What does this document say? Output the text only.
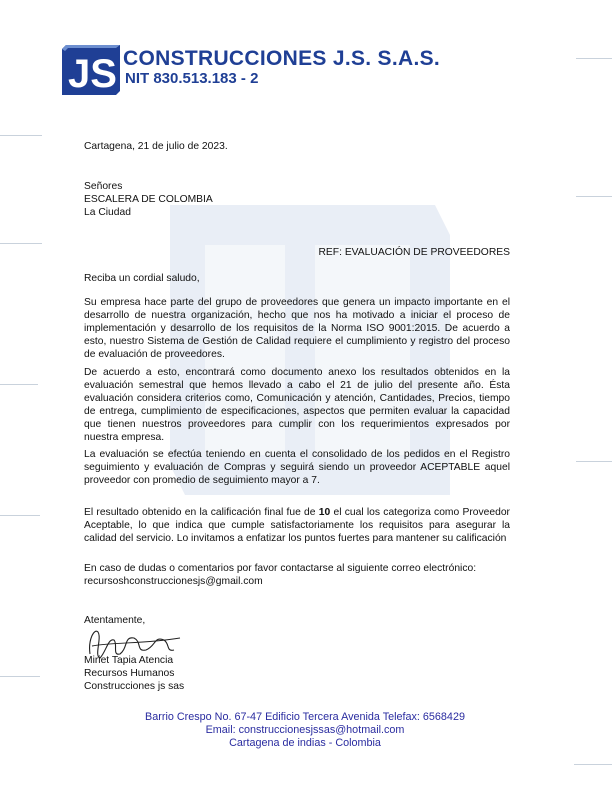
JS CONSTRUCCIONES J.S. S.A.S.
NIT 830.513.183 - 2
Cartagena, 21 de julio de 2023.
Señores
ESCALERA DE COLOMBIA
La Ciudad
REF: EVALUACIÓN DE PROVEEDORES
Reciba un cordial saludo,
Su empresa hace parte del grupo de proveedores que genera un impacto importante en el desarrollo de nuestra organización, hecho que nos ha motivado a iniciar el proceso de implementación y desarrollo de los requisitos de la Norma ISO 9001:2015. De acuerdo a esto, nuestro Sistema de Gestión de Calidad requiere el cumplimiento y registro del proceso de evaluación de proveedores.
De acuerdo a esto, encontrará como documento anexo los resultados obtenidos en la evaluación semestral que hemos llevado a cabo el 21 de julio del presente año. Ésta evaluación considera criterios como, Comunicación y atención, Cantidades, Precios, tiempo de entrega, cumplimiento de especificaciones, aspectos que permiten evaluar la capacidad que tienen nuestros proveedores para cumplir con los requerimientos expresados por nuestra empresa.
La evaluación se efectúa teniendo en cuenta el consolidado de los pedidos en el Registro seguimiento y evaluación de Compras y seguirá siendo un proveedor ACEPTABLE aquel proveedor con promedio de seguimiento mayor a 7.
El resultado obtenido en la calificación final fue de 10 el cual los categoriza como Proveedor Aceptable, lo que indica que cumple satisfactoriamente los requisitos para asegurar la calidad del servicio. Lo invitamos a enfatizar los puntos fuertes para mantener su calificación
En caso de dudas o comentarios por favor contactarse al siguiente correo electrónico:
recursoshconstruccionesjs@gmail.com
Atentamente,
Miriet Tapia Atencia
Recursos Humanos
Construcciones js sas
Barrio Crespo No. 67-47 Edificio Tercera Avenida Telefax: 6568429
Email: construccionesjssas@hotmail.com
Cartagena de indias - Colombia
